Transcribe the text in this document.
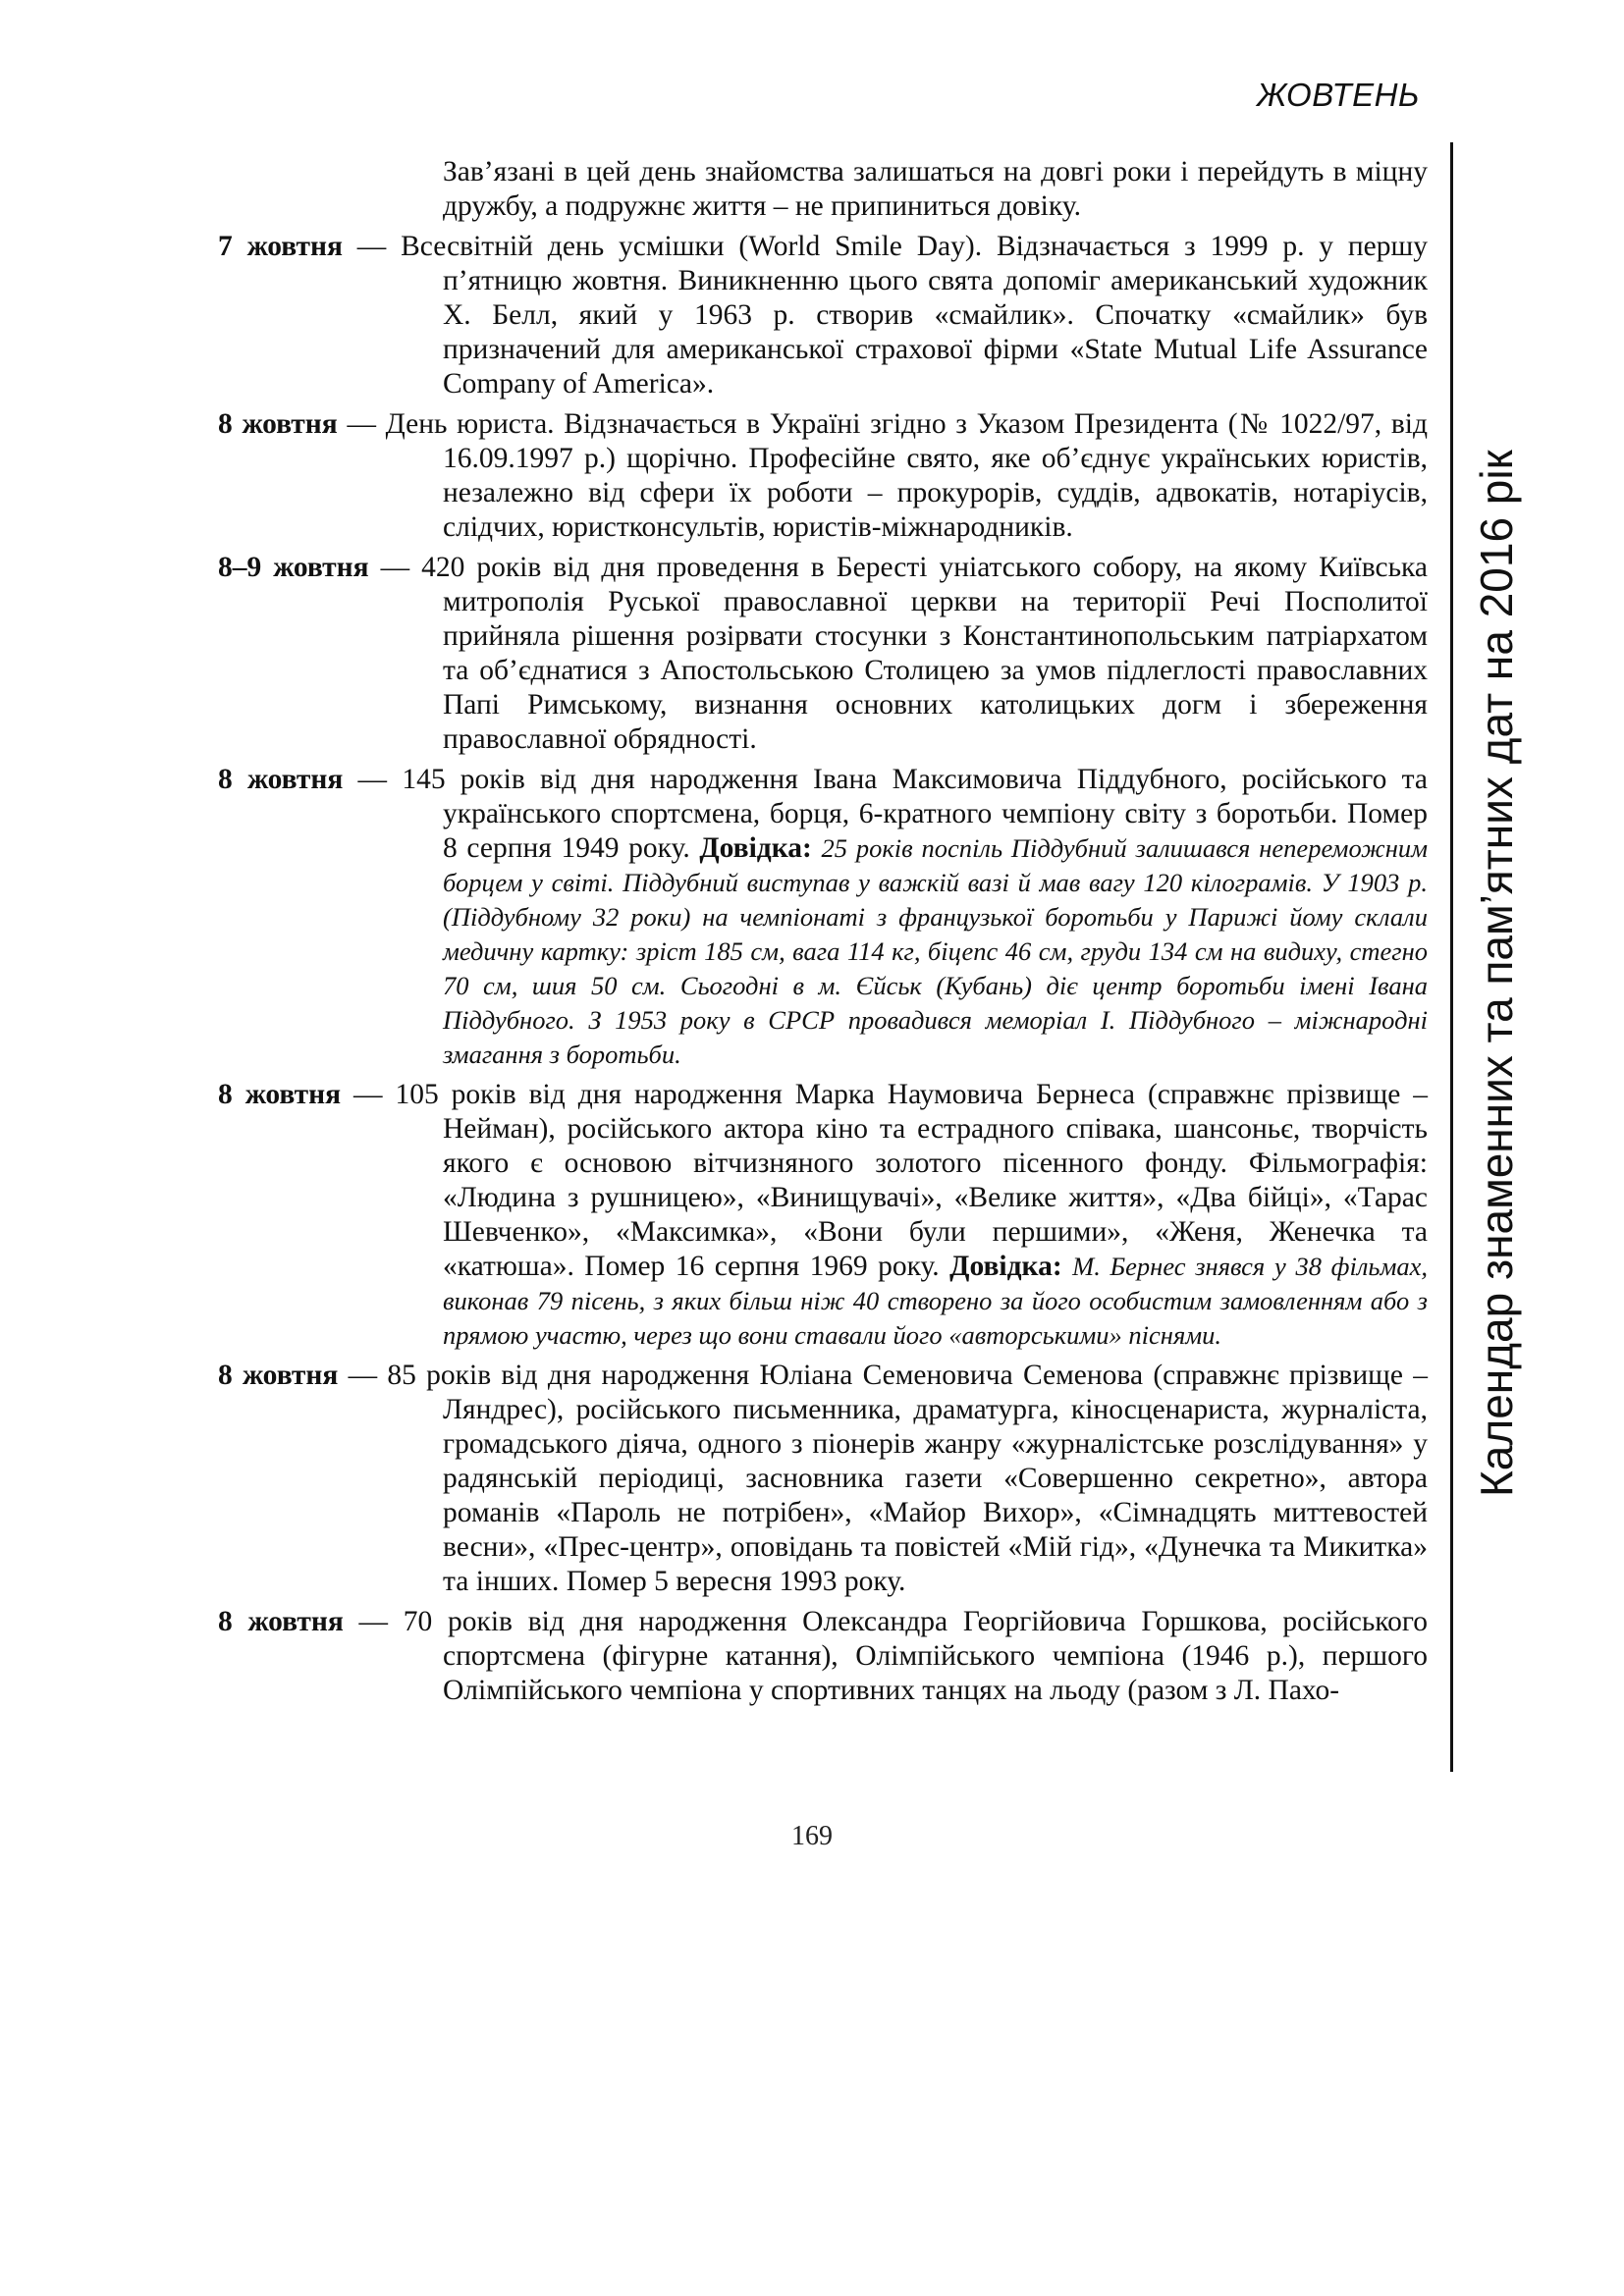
ЖОВТЕНЬ
Календар знаменних та пам’ятних дат на 2016 рік

Зав’язані в цей день знайомства залишаться на довгі роки і перейдуть в міцну дружбу, а подружнє життя – не припиниться довіку.

7 жовтня — Всесвітній день усмішки (World Smile Day). Відзначається з 1999 р. у першу п’ятницю жовтня. Виникненню цього свята допоміг американський художник Х. Белл, який у 1963 р. створив «смайлик». Спочатку «смайлик» був призначений для американської страхової фірми «State Mutual Life Assurance Company of America».

8 жовтня — День юриста. Відзначається в Україні згідно з Указом Президента (№ 1022/97, від 16.09.1997 р.) щорічно. Професійне свято, яке об’єднує українських юристів, незалежно від сфери їх роботи – прокурорів, суддів, адвокатів, нотаріусів, слідчих, юристконсультів, юристів-міжнародників.

8–9 жовтня — 420 років від дня проведення в Бересті уніатського собору, на якому Київська митрополія Руської православної церкви на території Речі Посполитої прийняла рішення розірвати стосунки з Константинопольським патріархатом та об’єднатися з Апостольською Столицею за умов підлеглості православних Папі Римському, визнання основних католицьких догм і збереження православної обрядності.

8 жовтня — 145 років від дня народження Івана Максимовича Піддубного, російського та українського спортсмена, борця, 6-кратного чемпіону світу з боротьби. Помер 8 серпня 1949 року. Довідка: 25 років поспіль Піддубний залишався непереможним борцем у світі. Піддубний виступав у важкій вазі й мав вагу 120 кілограмів. У 1903 р. (Піддубному 32 роки) на чемпіонаті з французької боротьби у Парижі йому склали медичну картку: зріст 185 см, вага 114 кг, біцепс 46 см, груди 134 см на видиху, стегно 70 см, шия 50 см. Сьогодні в м. Єйськ (Кубань) діє центр боротьби імені Івана Піддубного. З 1953 року в СРСР провадився меморіал І. Піддубного – міжнародні змагання з боротьби.

8 жовтня — 105 років від дня народження Марка Наумовича Бернеса (справжнє прізвище – Нейман), російського актора кіно та естрадного співака, шансоньє, творчість якого є основою вітчизняного золотого пісенного фонду. Фільмографія: «Людина з рушницею», «Винищувачі», «Велике життя», «Два бійці», «Тарас Шевченко», «Максимка», «Вони були першими», «Женя, Женечка та «катюша». Помер 16 серпня 1969 року. Довідка: М. Бернес знявся у 38 фільмах, виконав 79 пісень, з яких більш ніж 40 створено за його особистим замовленням або з прямою участю, через що вони ставали його «авторськими» піснями.

8 жовтня — 85 років від дня народження Юліана Семеновича Семенова (справжнє прізвище – Ляндрес), російського письменника, драматурга, кіносценариста, журналіста, громадського діяча, одного з піонерів жанру «журналістське розслідування» у радянській періодиці, засновника газети «Совершенно секретно», автора романів «Пароль не потрібен», «Майор Вихор», «Сімнадцять миттевостей весни», «Прес-центр», оповідань та повістей «Мій гід», «Дунечка та Микитка» та інших. Помер 5 вересня 1993 року.

8 жовтня — 70 років від дня народження Олександра Георгійовича Горшкова, російського спортсмена (фігурне катання), Олімпійського чемпіона (1946 р.), першого Олімпійського чемпіона у спортивних танцях на льоду (разом з Л. Пахо-

169
